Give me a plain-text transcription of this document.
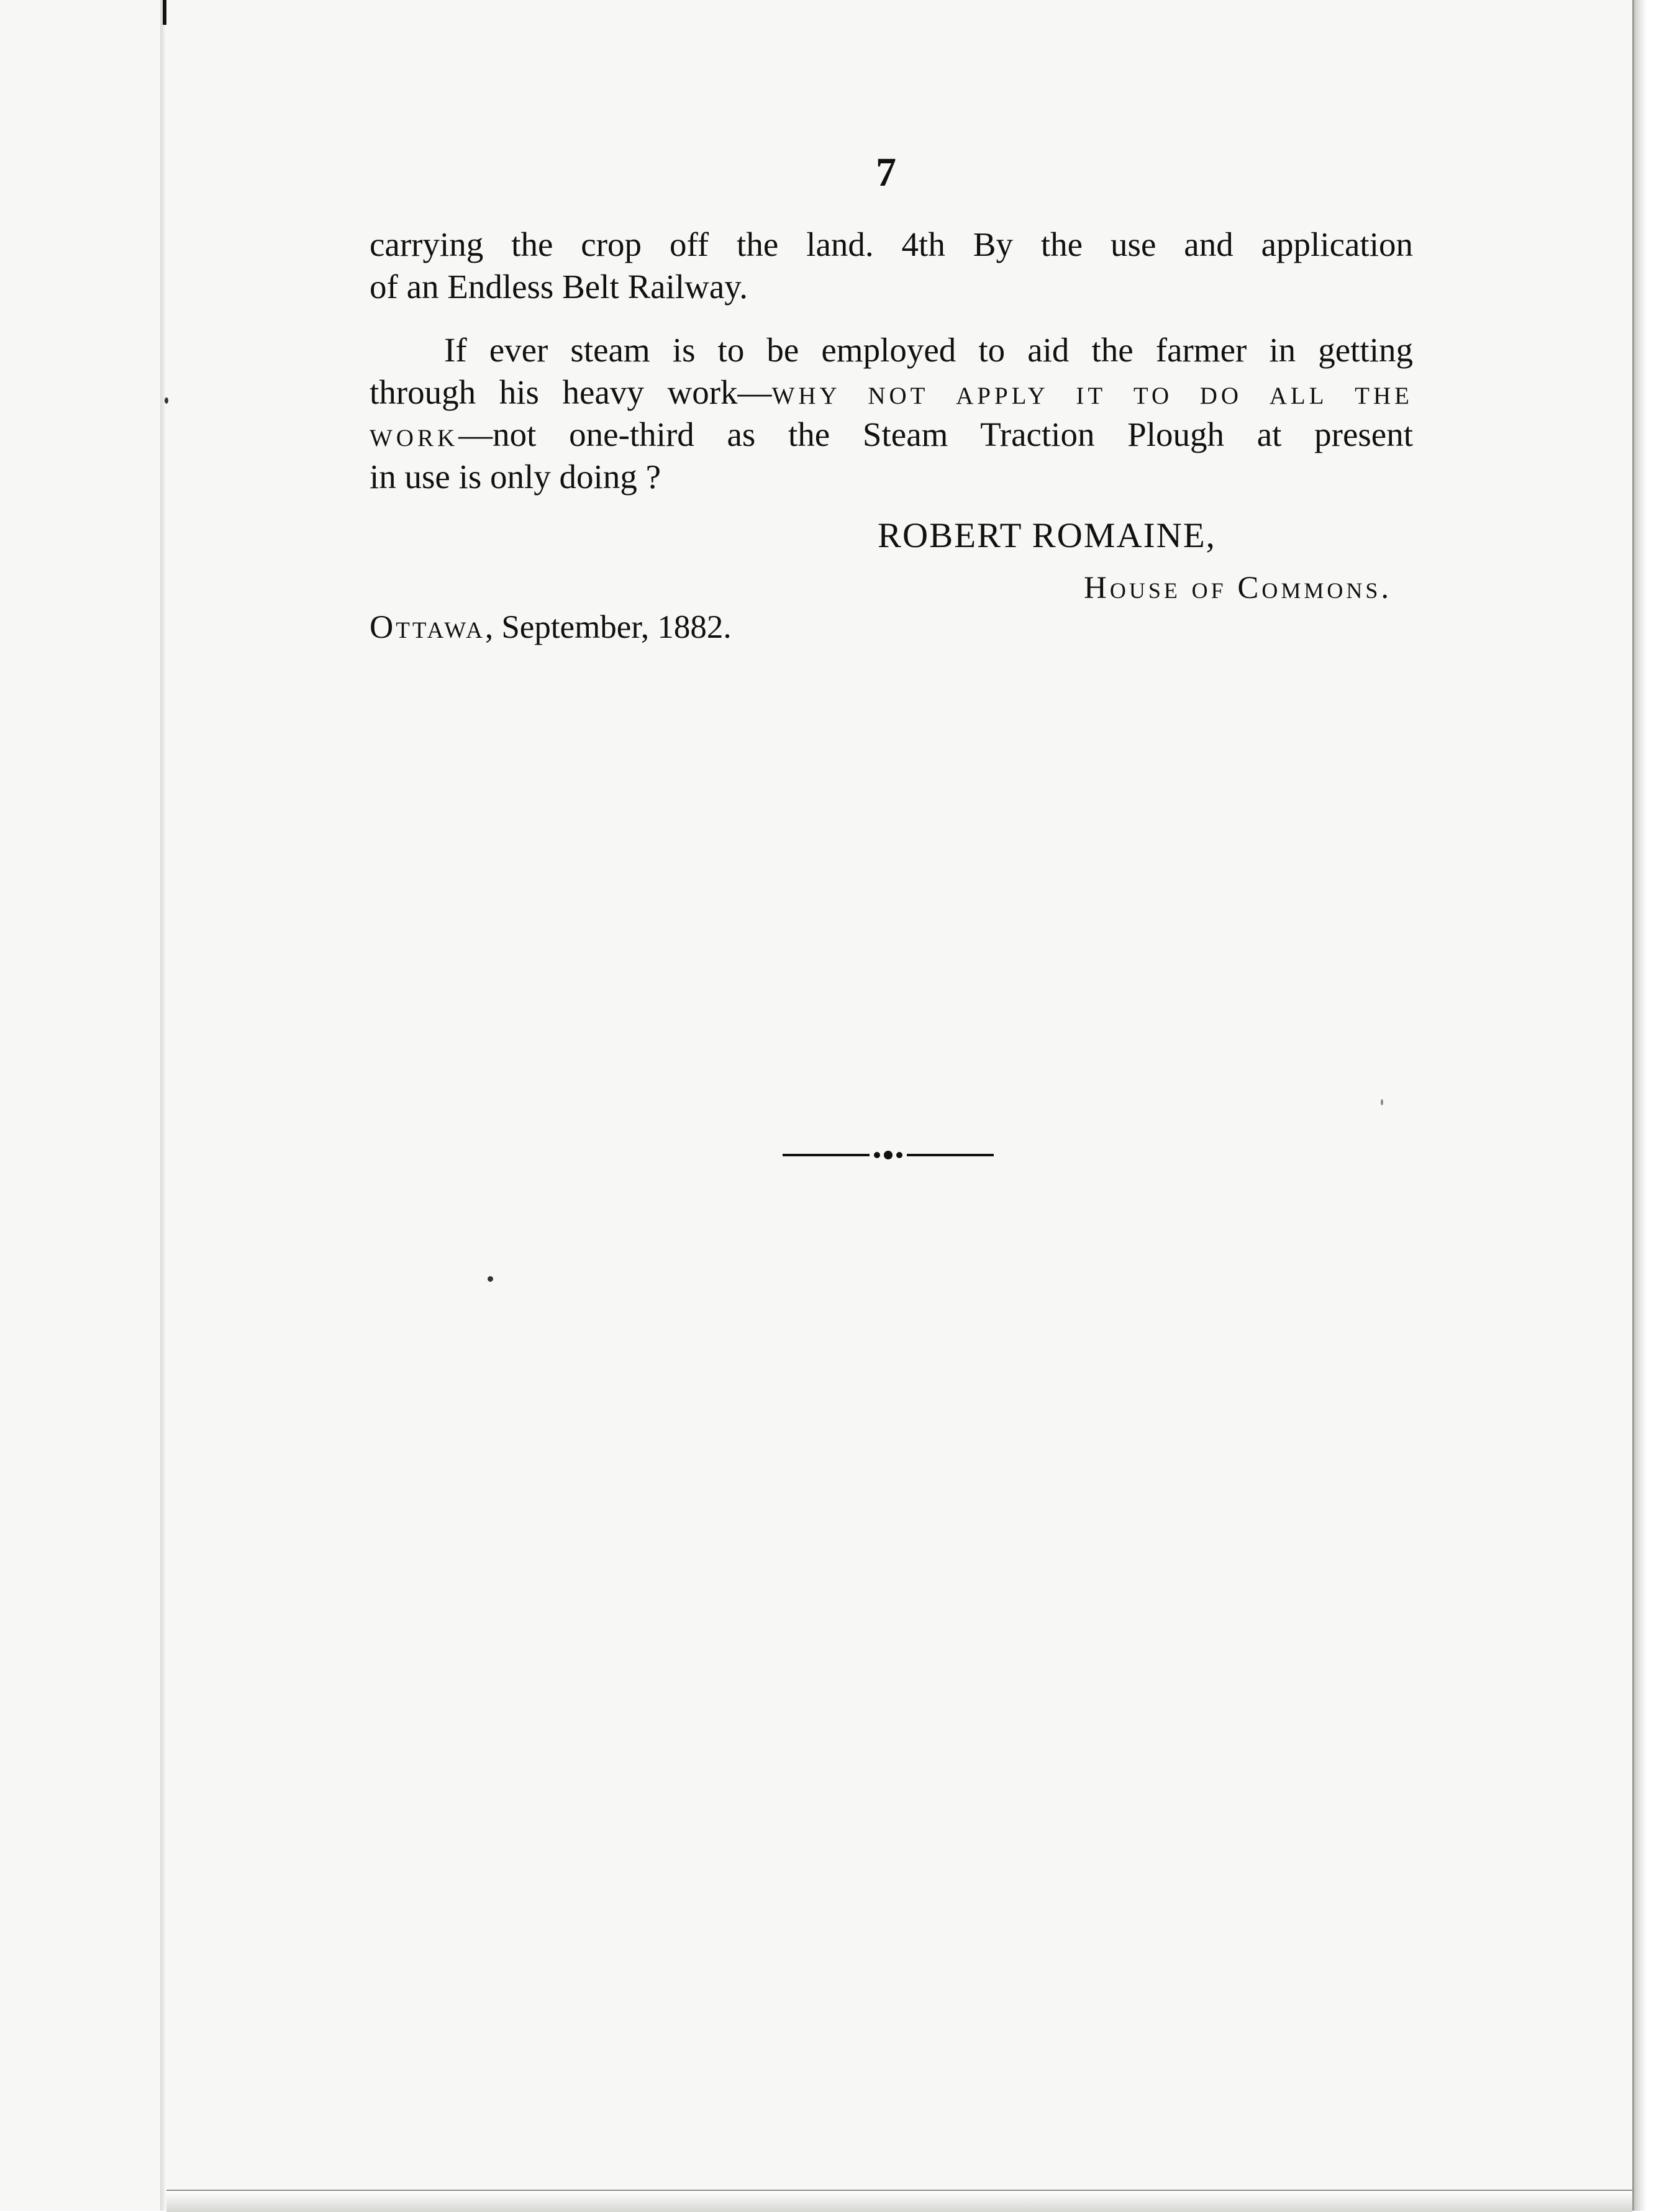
7
carrying the crop off the land. 4th By the use and application
of an Endless Belt Railway.
If ever steam is to be employed to aid the farmer in getting
through his heavy work—why not apply it to do all the
work—not one-third as the Steam Traction Plough at present
in use is only doing ?
ROBERT ROMAINE,
House of Commons.
Ottawa, September, 1882.
